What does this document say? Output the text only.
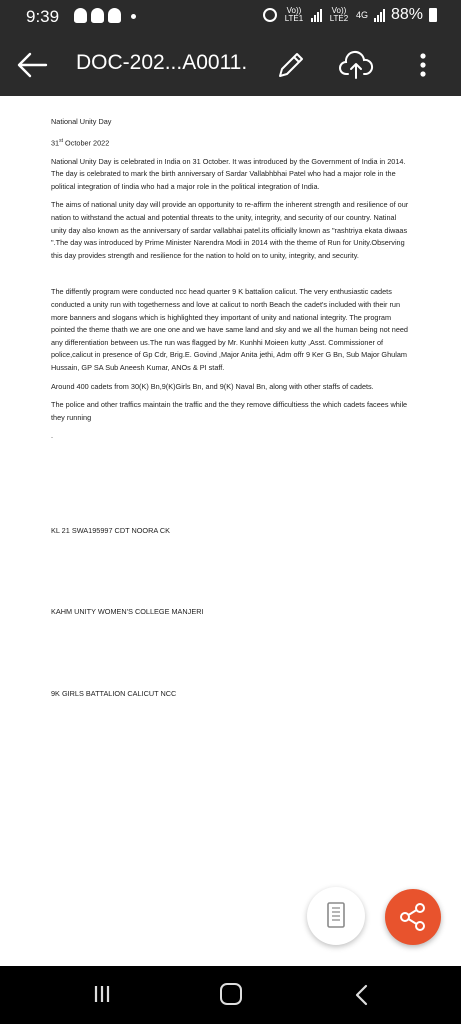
9:39	Vo)) LTE1
Vo)) LTE2 4G 88%
DOC-202...A0011.

National Unity Day

31st October 2022

National Unity Day is celebrated in India on 31 October. It was introduced by the Government of India in 2014. The day is celebrated to mark the birth anniversary of Sardar Vallabhbhai Patel who had a major role in the political integration of Iindia who had a major role in the political integration of India.

The aims of national unity day will provide an opportunity to re-affirm the inherent strength and resilience of our nation to withstand the actual and potential threats to the unity, integrity, and security of our country. Natinal unity day also known as the anniversary of sardar vallabhai patel.its officially known as "rashtriya ekata diwaas ".The day was introduced by Prime Minister Narendra Modi in 2014 with the theme of Run for Unity.Observing this day provides strength and resilience for the nation to hold on to unity, integrity, and security.

The diffently program were conducted ncc head quarter 9 K battalion calicut. The very enthusiastic cadets conducted a unity run with togetherness and love at calicut to north Beach the cadet's included with their run more banners and slogans which is highlighted they important of unity and national integrity. The program pointed the theme thath we are one one and we have same land and sky and we all the human being not need any differentiation between us.The run was flagged by Mr. Kunhhi Moieen kutty ,Asst. Commissioner of police,calicut in presence of Gp Cdr, Brig.E. Govind ,Major Anita jethi, Adm offr 9 Ker G Bn, Sub Major Ghulam Hussain, GP SA Sub Aneesh Kumar, ANOs & PI staff.

Around 400 cadets from 30(K) Bn,9(K)Girls Bn, and 9(K) Naval Bn, along with other staffs of cadets.

The police and other traffics maintain the traffic and the they remove difficultiess the which cadets facees while they running

.

KL 21 SWA195997 CDT NOORA CK
KAHM UNITY WOMEN'S COLLEGE MANJERI
9K GIRLS BATTALION CALICUT NCC
